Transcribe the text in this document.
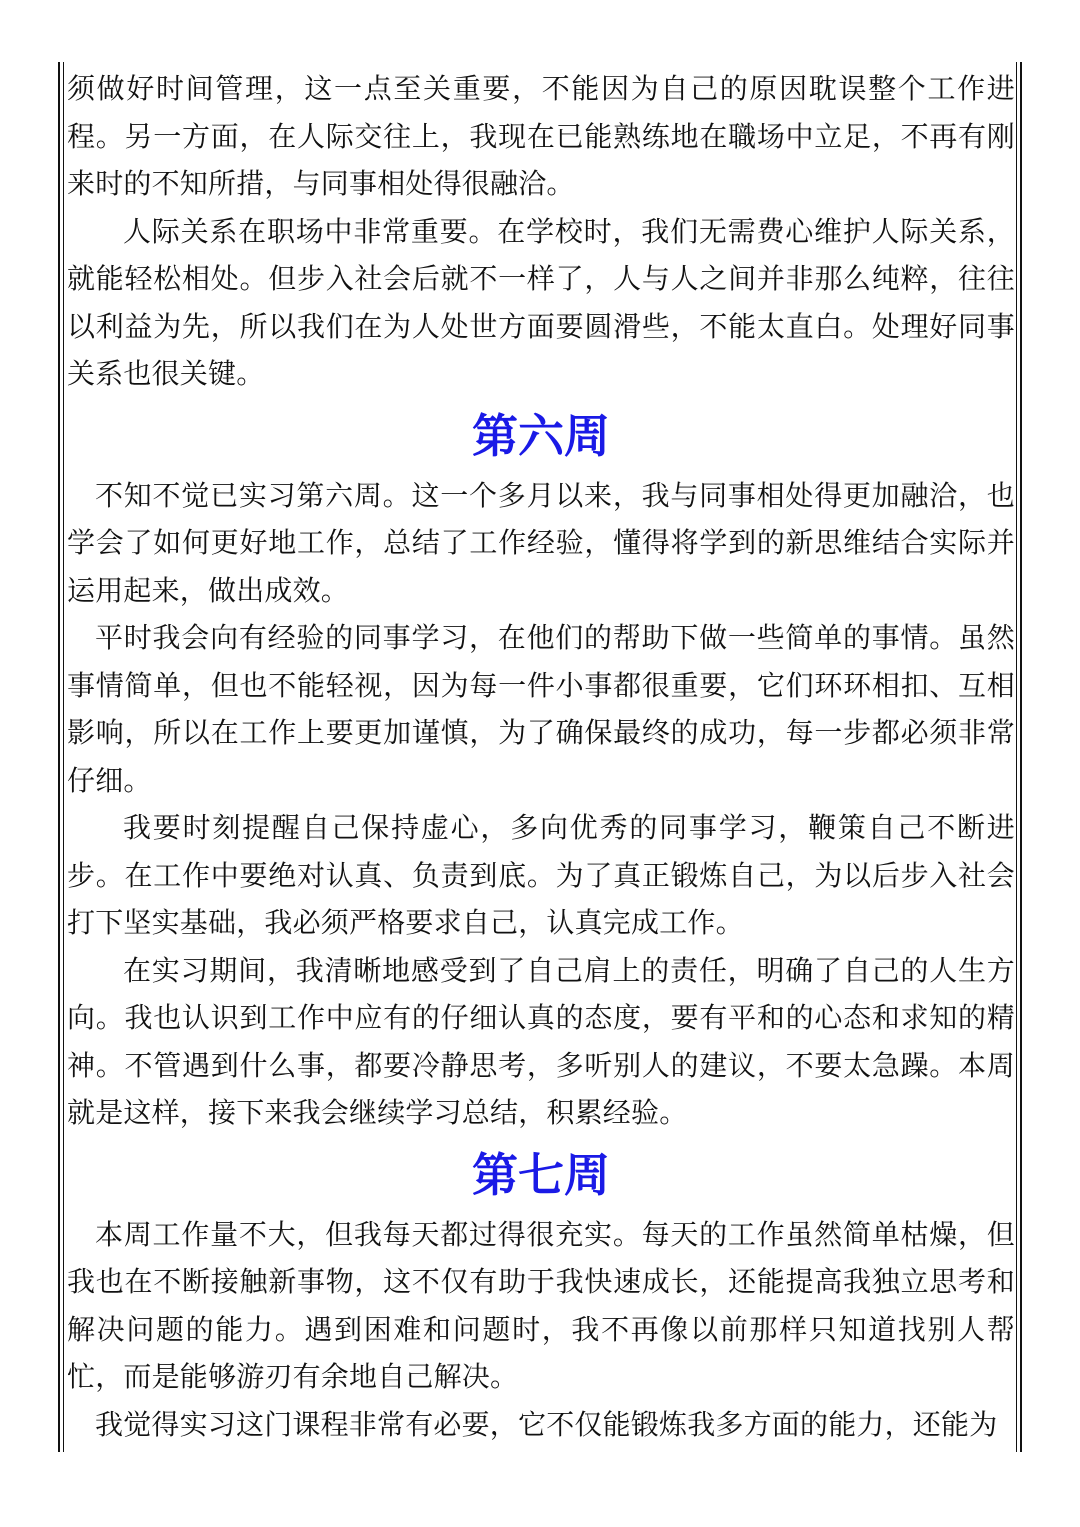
须做好时间管理，这一点至关重要，不能因为自己的原因耽误整个工作进程。另一方面，在人际交往上，我现在已能熟练地在職场中立足，不再有刚来时的不知所措，与同事相处得很融洽。

人际关系在职场中非常重要。在学校时，我们无需费心维护人际关系，就能轻松相处。但步入社会后就不一样了，人与人之间并非那么纯粹，往往以利益为先，所以我们在为人处世方面要圆滑些，不能太直白。处理好同事关系也很关键。

第六周

不知不觉已实习第六周。这一个多月以来，我与同事相处得更加融洽，也学会了如何更好地工作，总结了工作经验，懂得将学到的新思维结合实际并运用起来，做出成效。

平时我会向有经验的同事学习，在他们的帮助下做一些简单的事情。虽然事情简单，但也不能轻视，因为每一件小事都很重要，它们环环相扣、互相影响，所以在工作上要更加谨慎，为了确保最终的成功，每一步都必须非常仔细。

我要时刻提醒自己保持虚心，多向优秀的同事学习，鞭策自己不断进步。在工作中要绝对认真、负责到底。为了真正锻炼自己，为以后步入社会打下坚实基础，我必须严格要求自己，认真完成工作。

在实习期间，我清晰地感受到了自己肩上的责任，明确了自己的人生方向。我也认识到工作中应有的仔细认真的态度，要有平和的心态和求知的精神。不管遇到什么事，都要冷静思考，多听别人的建议，不要太急躁。本周就是这样，接下来我会继续学习总结，积累经验。

第七周

本周工作量不大，但我每天都过得很充实。每天的工作虽然简单枯燥，但我也在不断接触新事物，这不仅有助于我快速成长，还能提高我独立思考和解决问题的能力。遇到困难和问题时，我不再像以前那样只知道找别人帮忙，而是能够游刃有余地自己解决。

我觉得实习这门课程非常有必要，它不仅能锻炼我多方面的能力，还能为
